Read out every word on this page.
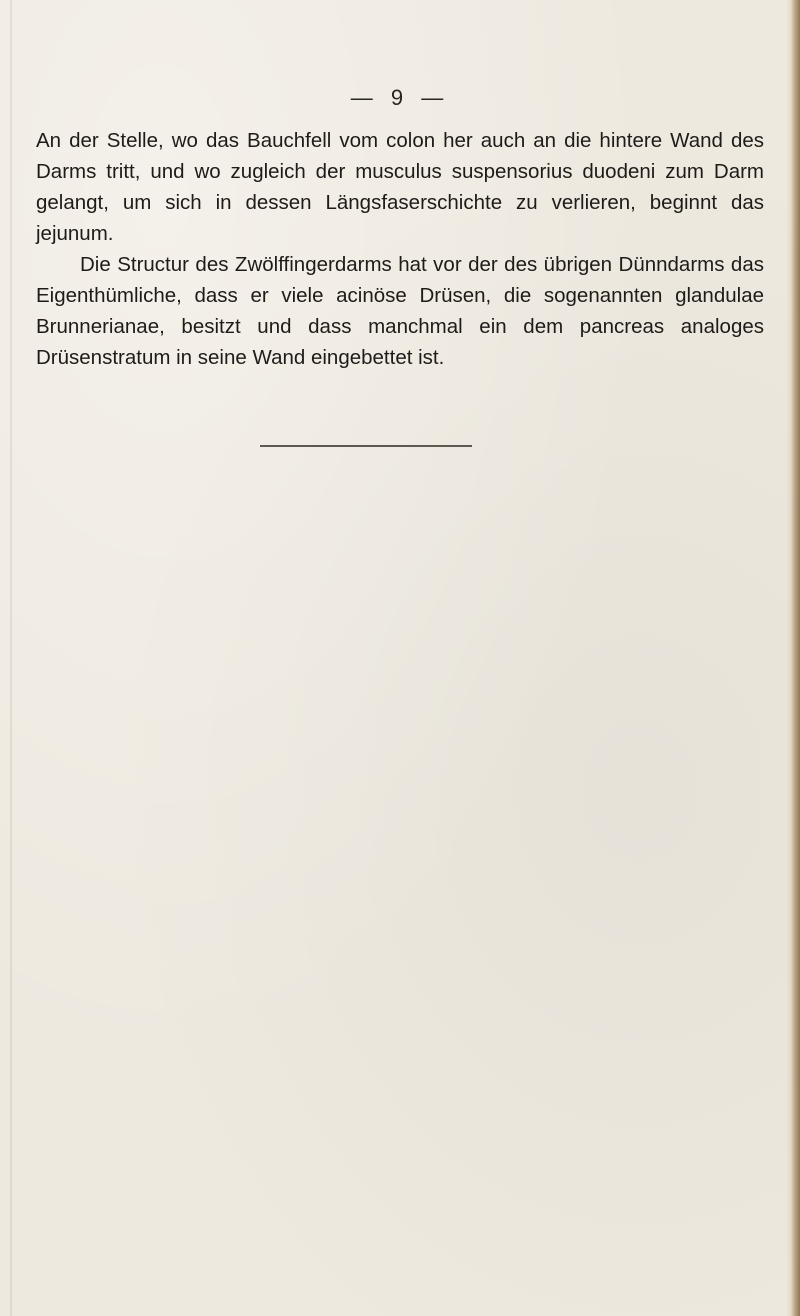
— 9 —

An der Stelle, wo das Bauchfell vom colon her auch an die hintere Wand des Darms tritt, und wo zugleich der musculus suspensorius duodeni zum Darm gelangt, um sich in dessen Längsfaserschichte zu verlieren, beginnt das jejunum.

Die Structur des Zwölffingerdarms hat vor der des übrigen Dünndarms das Eigenthümliche, dass er viele acinöse Drüsen, die sogenannten glandulae Brunnerianae, besitzt und dass manchmal ein dem pancreas analoges Drüsenstratum in seine Wand eingebettet ist.
